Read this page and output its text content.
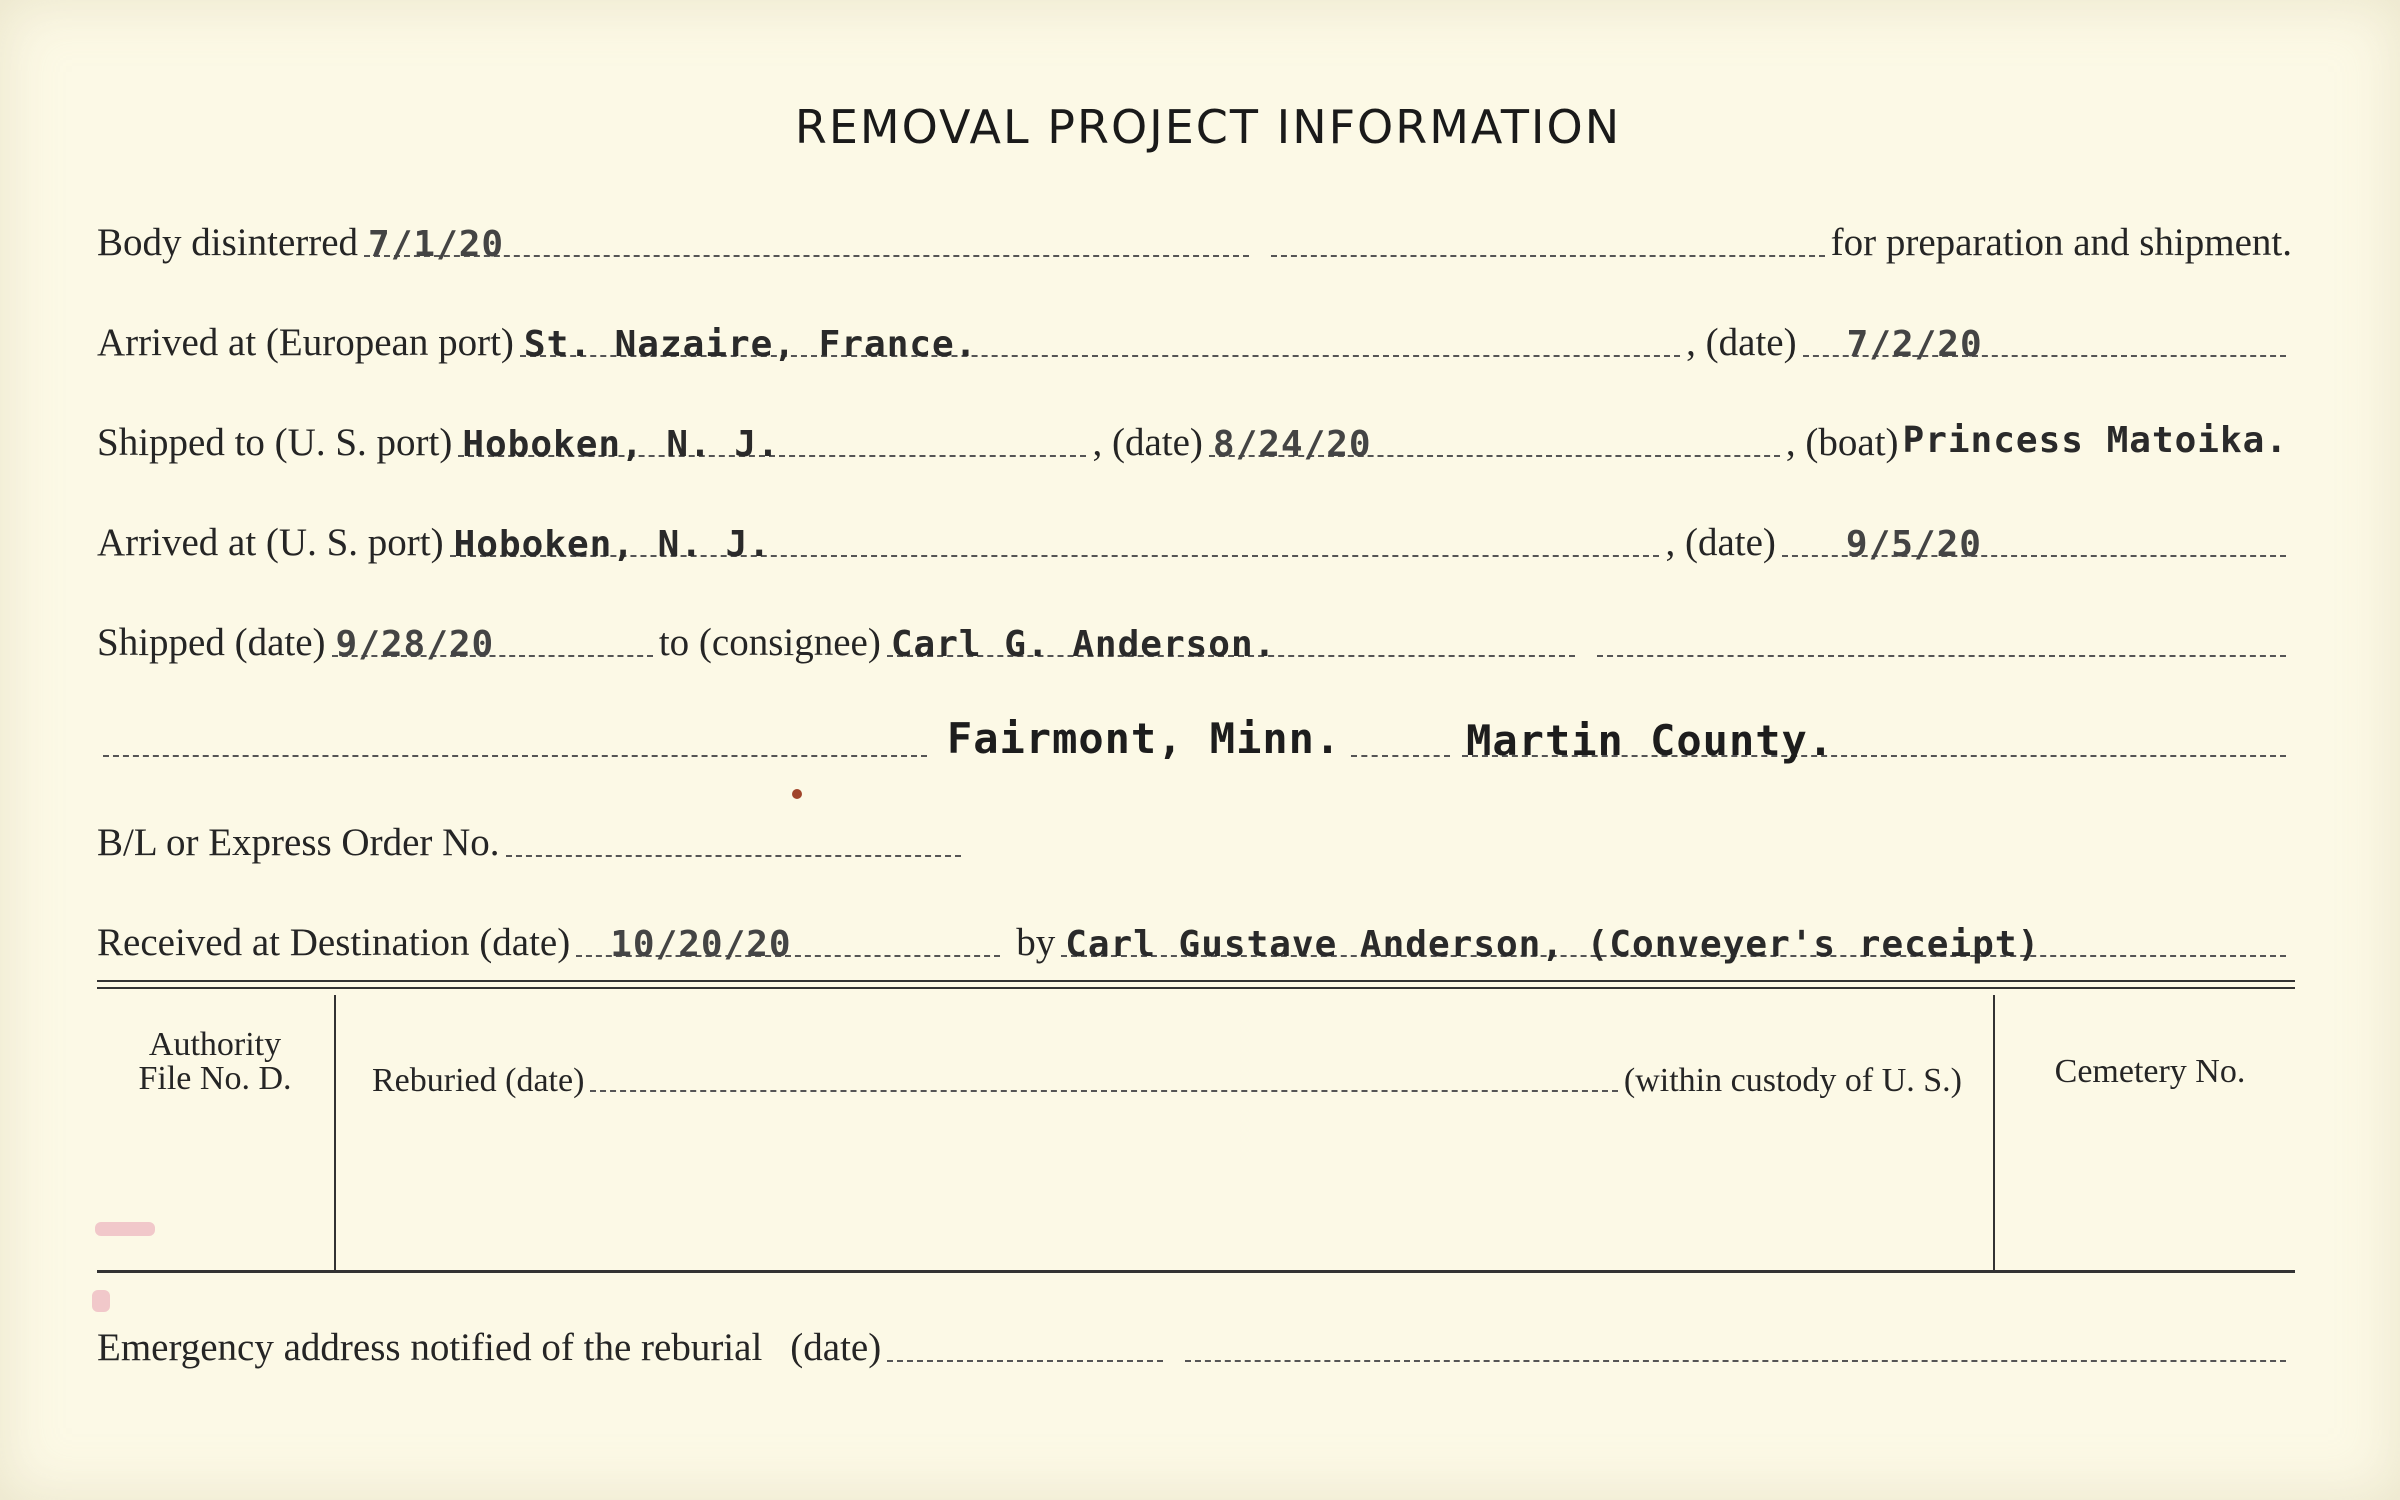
REMOVAL PROJECT INFORMATION
Body disinterred 7/1/20	for preparation and shipment.
Arrived at (European port) St. Nazaire, France.	, (date) 7/2/20
Shipped to (U. S. port) Hoboken, N. J.	, (date) 8/24/20	, (boat) Princess Matoika.
Arrived at (U. S. port) Hoboken, N. J.	, (date) 9/5/20
Shipped (date) 9/28/20	to (consignee) Carl G. Anderson.
Fairmont, Minn.	Martin County.
B/L or Express Order No.
Received at Destination (date) 10/20/20	by Carl Gustave Anderson, (Conveyer's receipt)
Authority
File No. D.	Reburied (date)	(within custody of U. S.)	Cemetery No.
Emergency address notified of the reburial (date)
